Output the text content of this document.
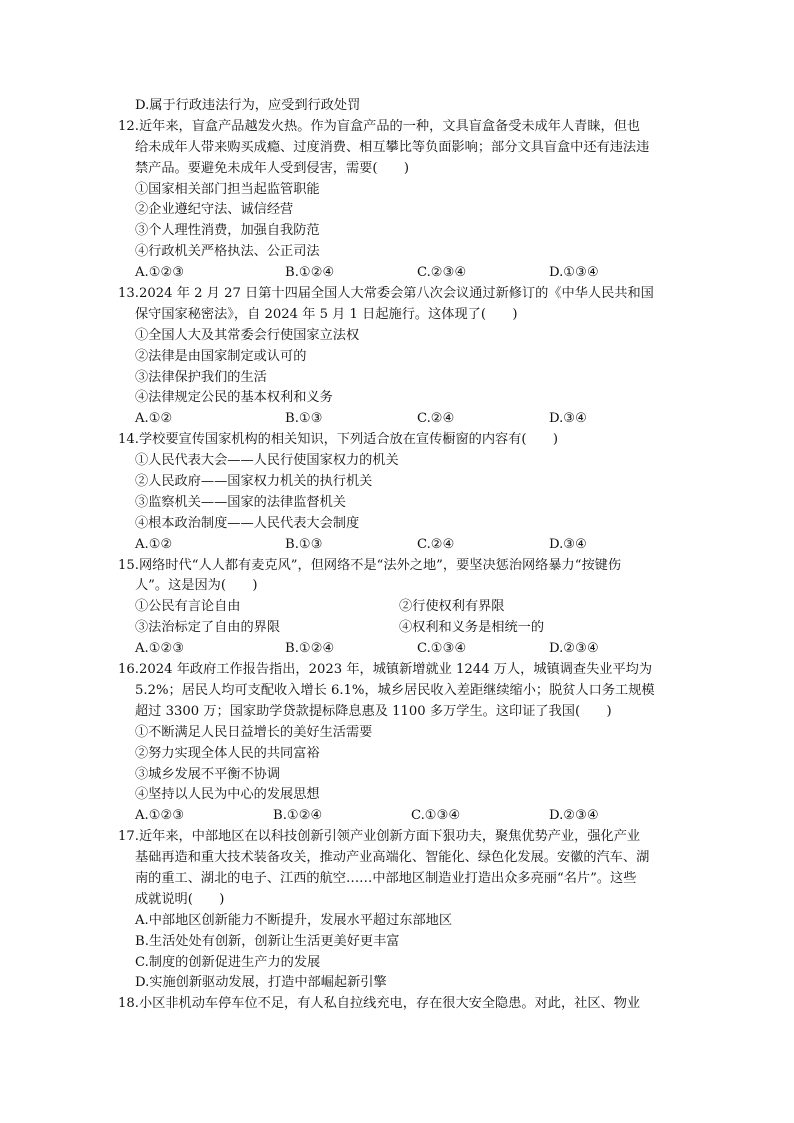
D.属于行政违法行为，应受到行政处罚
12.近年来，盲盒产品越发火热。作为盲盒产品的一种，文具盲盒备受未成年人青睐，但也
给未成年人带来购买成瘾、过度消费、相互攀比等负面影响；部分文具盲盒中还有违法违
禁产品。要避免未成年人受到侵害，需要(　　)
①国家相关部门担当起监管职能
②企业遵纪守法、诚信经营
③个人理性消费，加强自我防范
④行政机关严格执法、公正司法
A.①②③	B.①②④	C.②③④	D.①③④
13.2024 年 2 月 27 日第十四届全国人大常委会第八次会议通过新修订的《中华人民共和国
保守国家秘密法》，自 2024 年 5 月 1 日起施行。这体现了(　　)
①全国人大及其常委会行使国家立法权
②法律是由国家制定或认可的
③法律保护我们的生活
④法律规定公民的基本权利和义务
A.①②	B.①③	C.②④	D.③④
14.学校要宣传国家机构的相关知识，下列适合放在宣传橱窗的内容有(　　)
①人民代表大会——人民行使国家权力的机关
②人民政府——国家权力机关的执行机关
③监察机关——国家的法律监督机关
④根本政治制度——人民代表大会制度
A.①②	B.①③	C.②④	D.③④
15.网络时代“人人都有麦克风”，但网络不是“法外之地”，要坚决惩治网络暴力“按键伤
人”。这是因为(　　)
①公民有言论自由	②行使权利有界限
③法治标定了自由的界限	④权利和义务是相统一的
A.①②③	B.①②④	C.①③④	D.②③④
16.2024 年政府工作报告指出，2023 年，城镇新增就业 1244 万人，城镇调查失业平均为
5.2%；居民人均可支配收入增长 6.1%，城乡居民收入差距继续缩小；脱贫人口务工规模
超过 3300 万；国家助学贷款提标降息惠及 1100 多万学生。这印证了我国(　　)
①不断满足人民日益增长的美好生活需要
②努力实现全体人民的共同富裕
③城乡发展不平衡不协调
④坚持以人民为中心的发展思想
A.①②③	B.①②④	C.①③④	D.②③④
17.近年来，中部地区在以科技创新引领产业创新方面下狠功夫，聚焦优势产业，强化产业
基础再造和重大技术装备攻关，推动产业高端化、智能化、绿色化发展。安徽的汽车、湖
南的重工、湖北的电子、江西的航空……中部地区制造业打造出众多亮丽“名片”。这些
成就说明(　　)
A.中部地区创新能力不断提升，发展水平超过东部地区
B.生活处处有创新，创新让生活更美好更丰富
C.制度的创新促进生产力的发展
D.实施创新驱动发展，打造中部崛起新引擎
18.小区非机动车停车位不足，有人私自拉线充电，存在很大安全隐患。对此，社区、物业
